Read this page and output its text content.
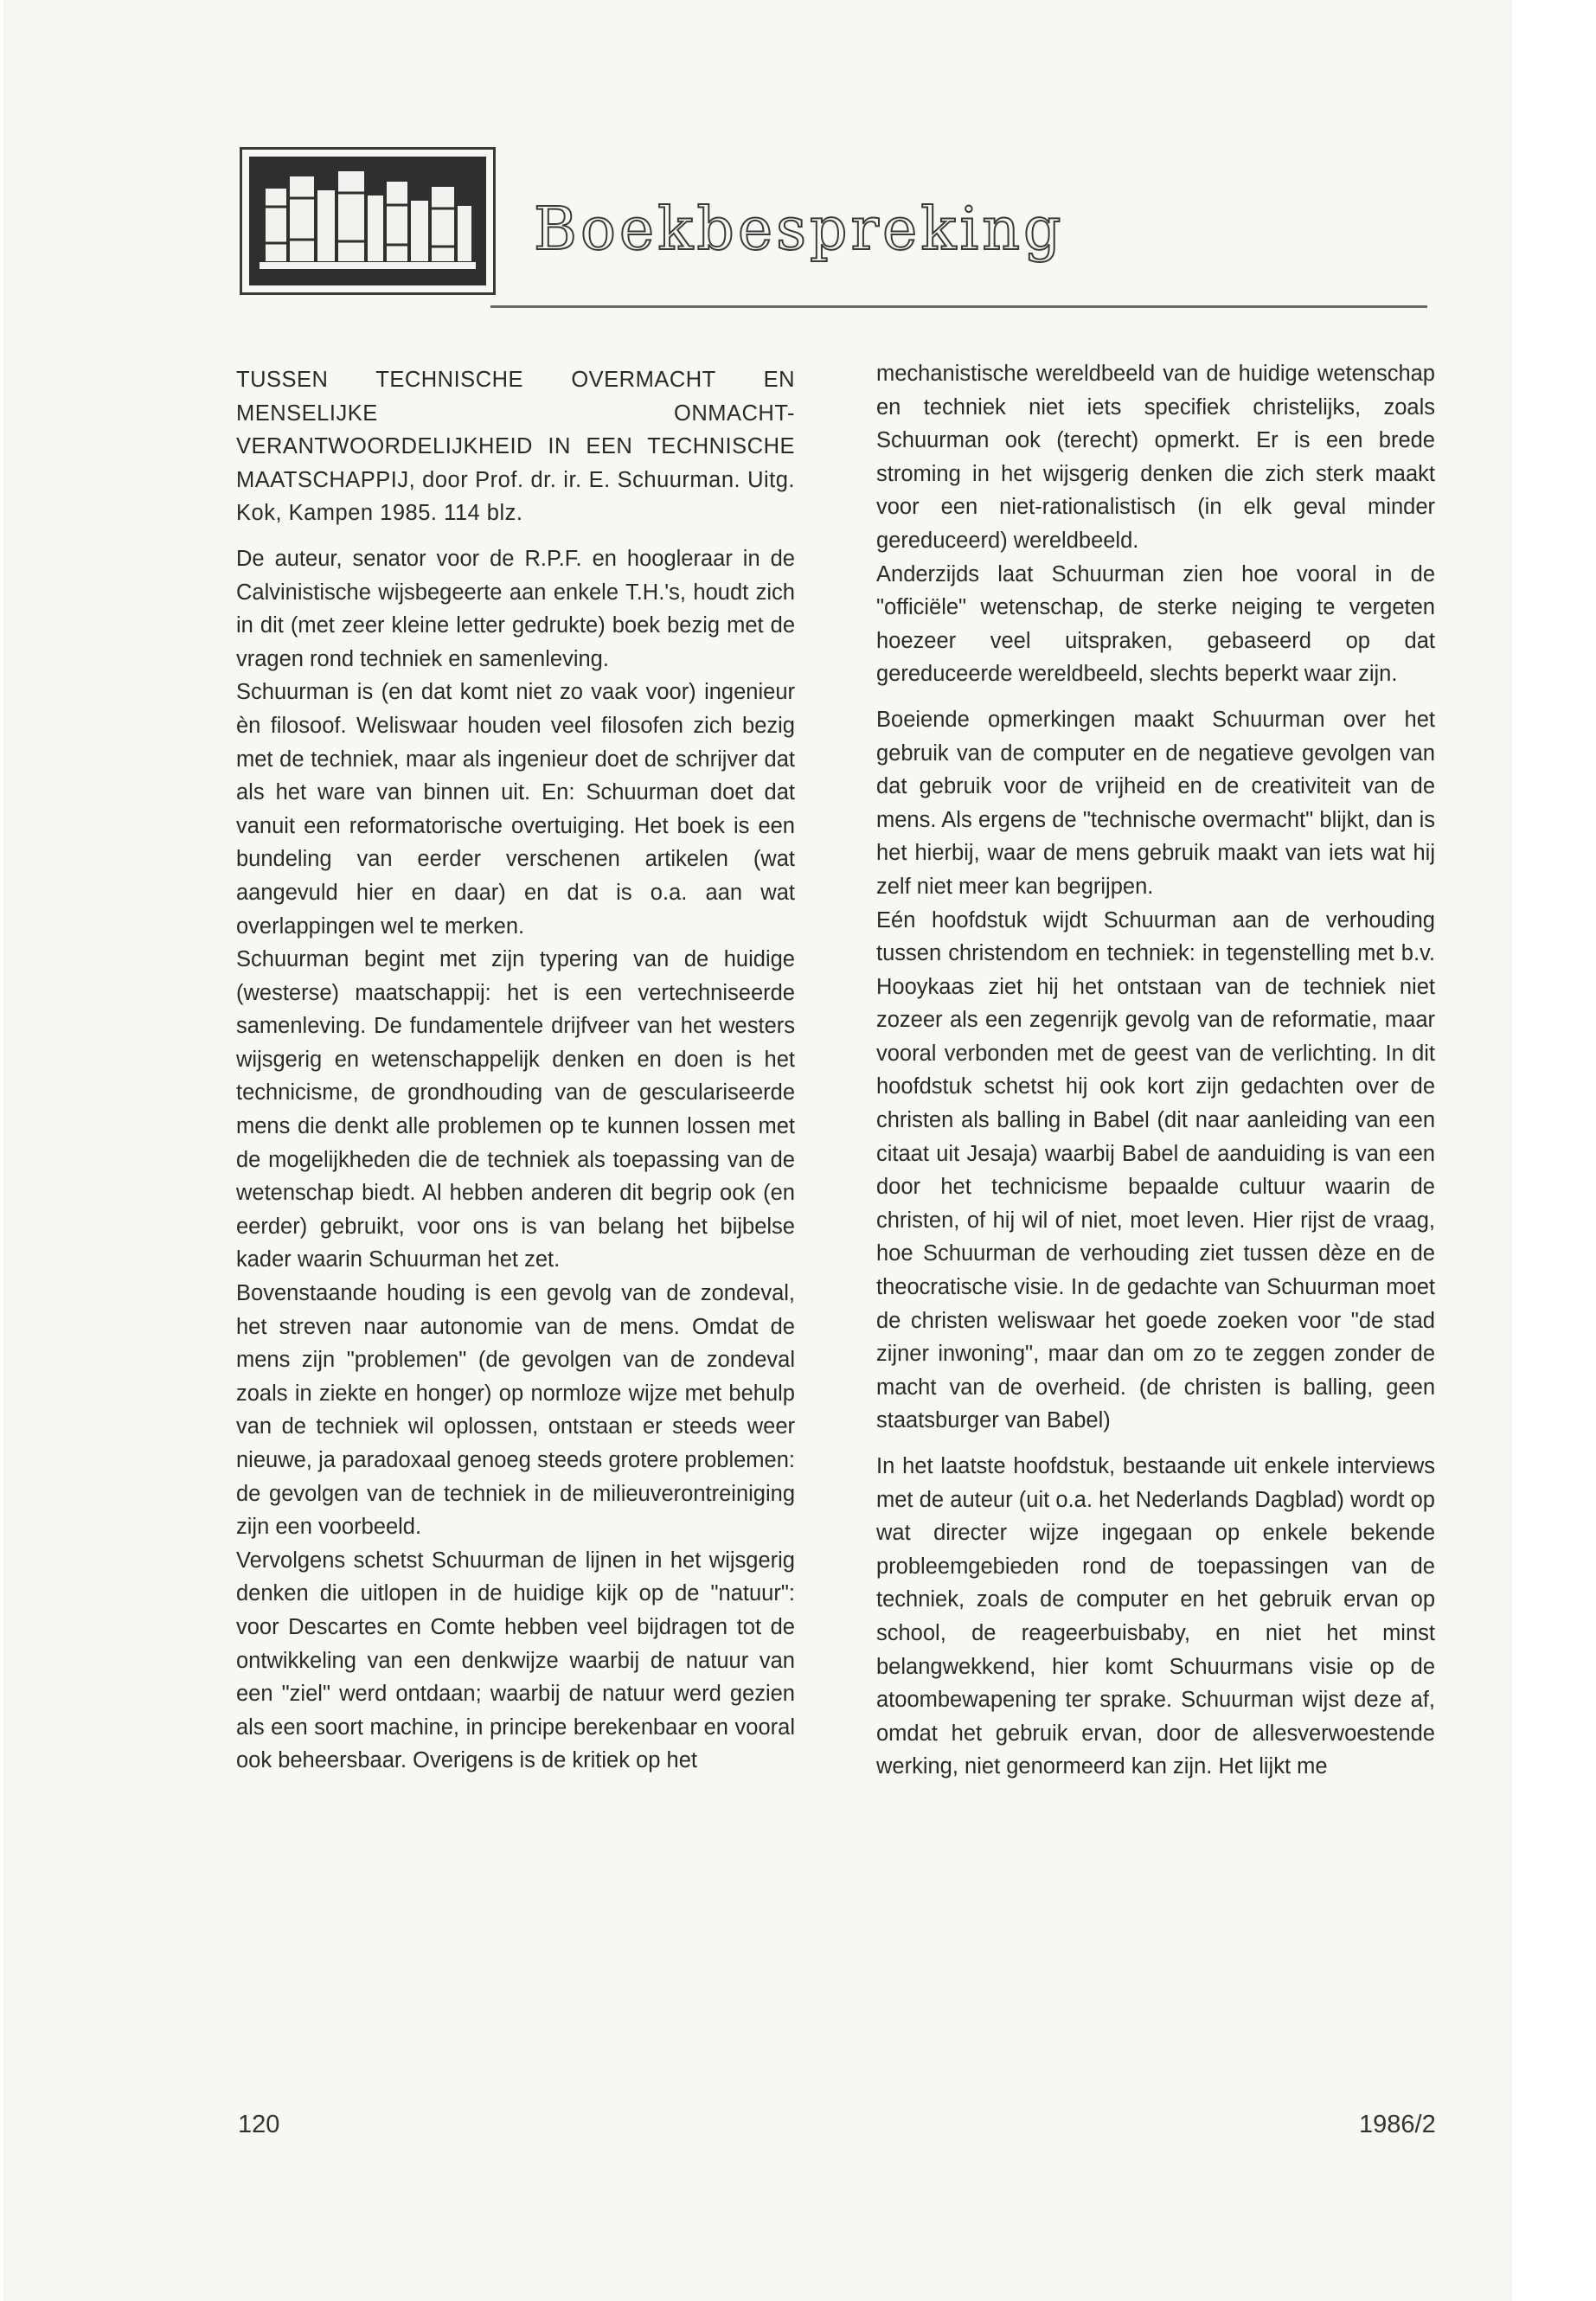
Boekbespreking

TUSSEN TECHNISCHE OVERMACHT EN MENSELIJKE ONMACHT-VERANTWOORDELIJKHEID IN EEN TECHNISCHE MAATSCHAPPIJ, door Prof. dr. ir. E. Schuurman. Uitg. Kok, Kampen 1985. 114 blz.

De auteur, senator voor de R.P.F. en hoogleraar in de Calvinistische wijsbegeerte aan enkele T.H.'s, houdt zich in dit (met zeer kleine letter gedrukte) boek bezig met de vragen rond techniek en samenleving.

Schuurman is (en dat komt niet zo vaak voor) ingenieur èn filosoof. Weliswaar houden veel filosofen zich bezig met de techniek, maar als ingenieur doet de schrijver dat als het ware van binnen uit. En: Schuurman doet dat vanuit een reformatorische overtuiging. Het boek is een bundeling van eerder verschenen artikelen (wat aangevuld hier en daar) en dat is o.a. aan wat overlappingen wel te merken.

Schuurman begint met zijn typering van de huidige (westerse) maatschappij: het is een vertechniseerde samenleving. De fundamentele drijfveer van het westers wijsgerig en wetenschappelijk denken en doen is het technicisme, de grondhouding van de gesculariseerde mens die denkt alle problemen op te kunnen lossen met de mogelijkheden die de techniek als toepassing van de wetenschap biedt. Al hebben anderen dit begrip ook (en eerder) gebruikt, voor ons is van belang het bijbelse kader waarin Schuurman het zet.

Bovenstaande houding is een gevolg van de zondeval, het streven naar autonomie van de mens. Omdat de mens zijn "problemen" (de gevolgen van de zondeval zoals in ziekte en honger) op normloze wijze met behulp van de techniek wil oplossen, ontstaan er steeds weer nieuwe, ja paradoxaal genoeg steeds grotere problemen: de gevolgen van de techniek in de milieuverontreiniging zijn een voorbeeld.

Vervolgens schetst Schuurman de lijnen in het wijsgerig denken die uitlopen in de huidige kijk op de "natuur": voor Descartes en Comte hebben veel bijdragen tot de ontwikkeling van een denkwijze waarbij de natuur van een "ziel" werd ontdaan; waarbij de natuur werd gezien als een soort machine, in principe berekenbaar en vooral ook beheersbaar. Overigens is de kritiek op het

mechanistische wereldbeeld van de huidige wetenschap en techniek niet iets specifiek christelijks, zoals Schuurman ook (terecht) opmerkt. Er is een brede stroming in het wijsgerig denken die zich sterk maakt voor een niet-rationalistisch (in elk geval minder gereduceerd) wereldbeeld.

Anderzijds laat Schuurman zien hoe vooral in de "officiële" wetenschap, de sterke neiging te vergeten hoezeer veel uitspraken, gebaseerd op dat gereduceerde wereldbeeld, slechts beperkt waar zijn.

Boeiende opmerkingen maakt Schuurman over het gebruik van de computer en de negatieve gevolgen van dat gebruik voor de vrijheid en de creativiteit van de mens. Als ergens de "technische overmacht" blijkt, dan is het hierbij, waar de mens gebruik maakt van iets wat hij zelf niet meer kan begrijpen.

Eén hoofdstuk wijdt Schuurman aan de verhouding tussen christendom en techniek: in tegenstelling met b.v. Hooykaas ziet hij het ontstaan van de techniek niet zozeer als een zegenrijk gevolg van de reformatie, maar vooral verbonden met de geest van de verlichting. In dit hoofdstuk schetst hij ook kort zijn gedachten over de christen als balling in Babel (dit naar aanleiding van een citaat uit Jesaja) waarbij Babel de aanduiding is van een door het technicisme bepaalde cultuur waarin de christen, of hij wil of niet, moet leven. Hier rijst de vraag, hoe Schuurman de verhouding ziet tussen dèze en de theocratische visie. In de gedachte van Schuurman moet de christen weliswaar het goede zoeken voor "de stad zijner inwoning", maar dan om zo te zeggen zonder de macht van de overheid. (de christen is balling, geen staatsburger van Babel)

In het laatste hoofdstuk, bestaande uit enkele interviews met de auteur (uit o.a. het Nederlands Dagblad) wordt op wat directer wijze ingegaan op enkele bekende probleemgebieden rond de toepassingen van de techniek, zoals de computer en het gebruik ervan op school, de reageerbuisbaby, en niet het minst belangwekkend, hier komt Schuurmans visie op de atoombewapening ter sprake. Schuurman wijst deze af, omdat het gebruik ervan, door de allesverwoestende werking, niet genormeerd kan zijn. Het lijkt me

120	1986/2
